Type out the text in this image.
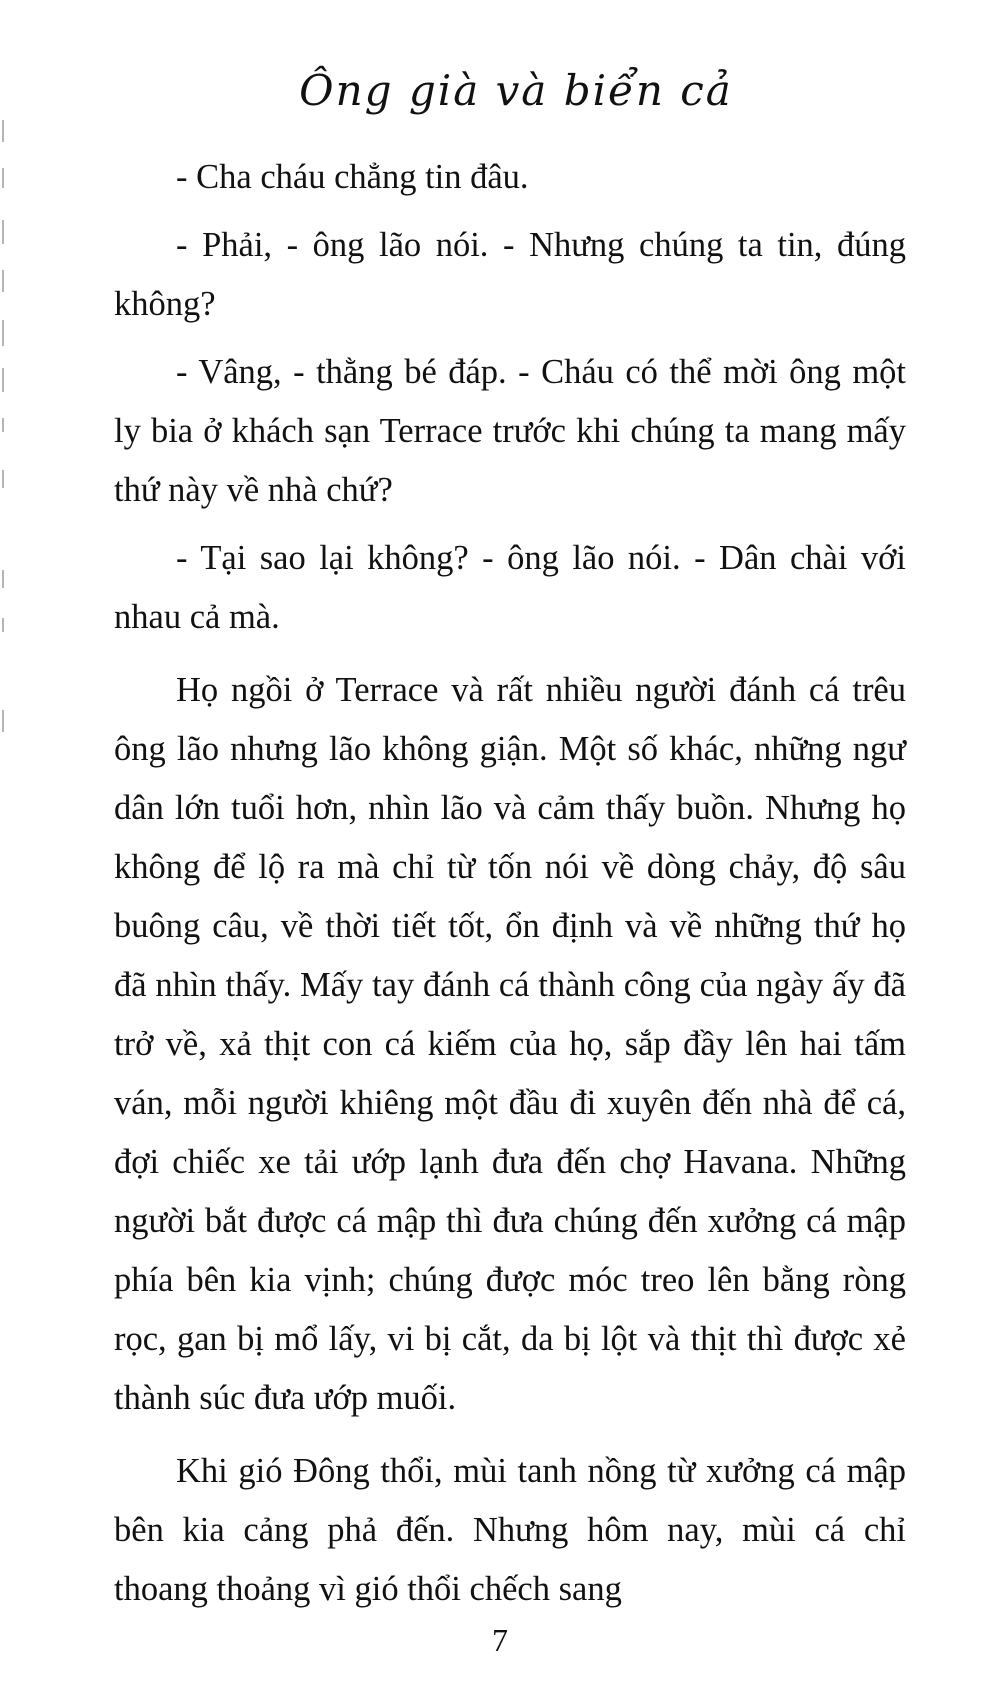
Ông già và biển cả

- Cha cháu chẳng tin đâu.

- Phải, - ông lão nói. - Nhưng chúng ta tin, đúng không?

- Vâng, - thằng bé đáp. - Cháu có thể mời ông một ly bia ở khách sạn Terrace trước khi chúng ta mang mấy thứ này về nhà chứ?

- Tại sao lại không? - ông lão nói. - Dân chài với nhau cả mà.

Họ ngồi ở Terrace và rất nhiều người đánh cá trêu ông lão nhưng lão không giận. Một số khác, những ngư dân lớn tuổi hơn, nhìn lão và cảm thấy buồn. Nhưng họ không để lộ ra mà chỉ từ tốn nói về dòng chảy, độ sâu buông câu, về thời tiết tốt, ổn định và về những thứ họ đã nhìn thấy. Mấy tay đánh cá thành công của ngày ấy đã trở về, xả thịt con cá kiếm của họ, sắp đầy lên hai tấm ván, mỗi người khiêng một đầu đi xuyên đến nhà để cá, đợi chiếc xe tải ướp lạnh đưa đến chợ Havana. Những người bắt được cá mập thì đưa chúng đến xưởng cá mập phía bên kia vịnh; chúng được móc treo lên bằng ròng rọc, gan bị mổ lấy, vi bị cắt, da bị lột và thịt thì được xẻ thành súc đưa ướp muối.

Khi gió Đông thổi, mùi tanh nồng từ xưởng cá mập bên kia cảng phả đến. Nhưng hôm nay, mùi cá chỉ thoang thoảng vì gió thổi chếch sang

7
